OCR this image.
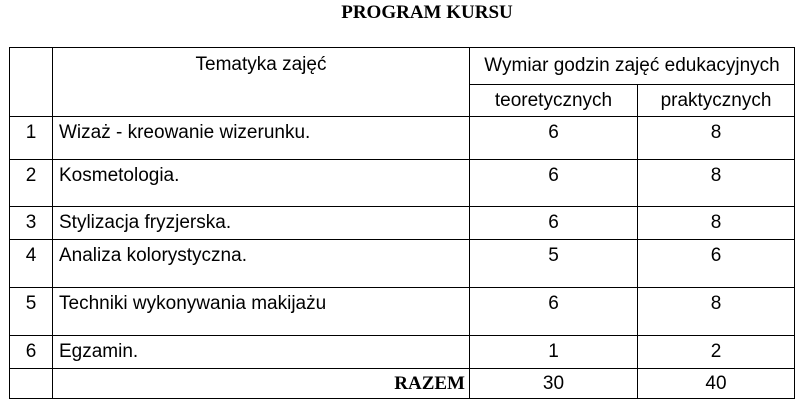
PROGRAM KURSU
	Tematyka zajęć	Wymiar godzin zajęć edukacyjnych	
		teoretycznych	praktycznych
1	Wizaż - kreowanie wizerunku.	6	8
2	Kosmetologia.	6	8
3	Stylizacja fryzjerska.	6	8
4	Analiza kolorystyczna.	5	6
5	Techniki wykonywania makijażu	6	8
6	Egzamin.	1	2
	RAZEM	30	40
